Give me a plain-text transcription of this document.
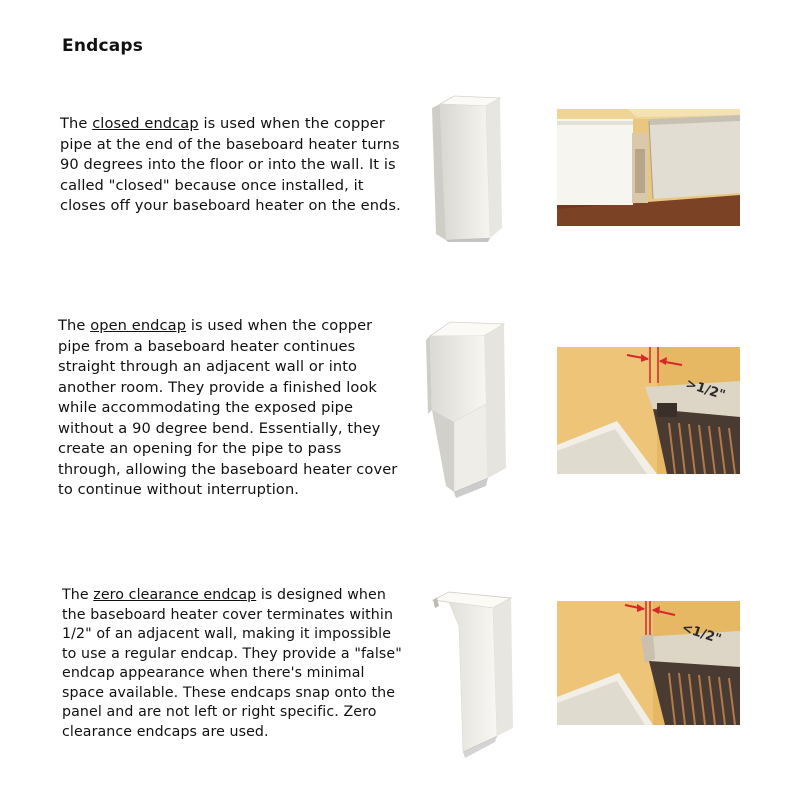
Endcaps
The closed endcap is used when the copper pipe at the end of the baseboard heater turns 90 degrees into the floor or into the wall. It is called "closed" because once installed, it closes off your baseboard heater on the ends.
The open endcap is used when the copper pipe from a baseboard heater continues straight through an adjacent wall or into another room. They provide a finished look while accommodating the exposed pipe without a 90 degree bend. Essentially, they create an opening for the pipe to pass through, allowing the baseboard heater cover to continue without interruption.
>1/2"
The zero clearance endcap is designed when the baseboard heater cover terminates within 1/2" of an adjacent wall, making it impossible to use a regular endcap. They provide a "false" endcap appearance when there's minimal space available. These endcaps snap onto the panel and are not left or right specific. Zero clearance endcaps are used.
<1/2"
